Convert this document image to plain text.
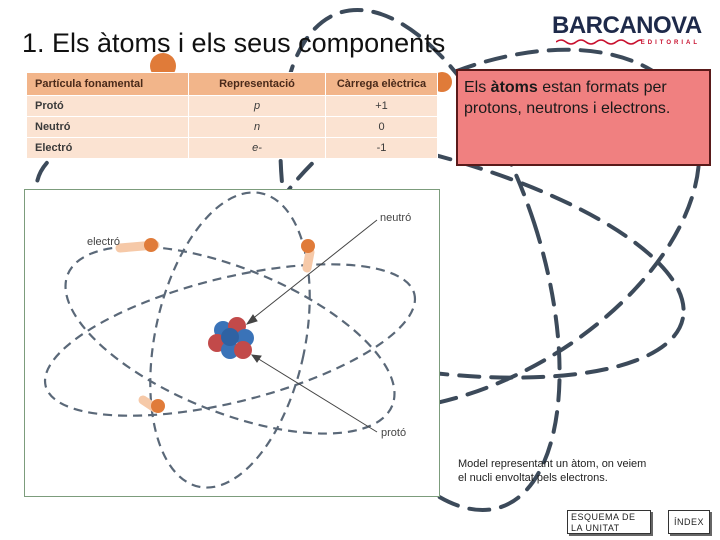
1. Els àtoms i els seus components
BARCANOVA
EDITORIAL
Partícula fonamental	Representació	Càrrega elèctrica
Protó	p	+1
Neutró	n	0
Electró	e-	-1
Els àtoms estan formats per protons, neutrons i electrons.
electró
neutró
protó
Model representant un àtom, on veiem el nucli envoltat pels electrons.
ESQUEMA DE LA UNITAT
ÍNDEX
